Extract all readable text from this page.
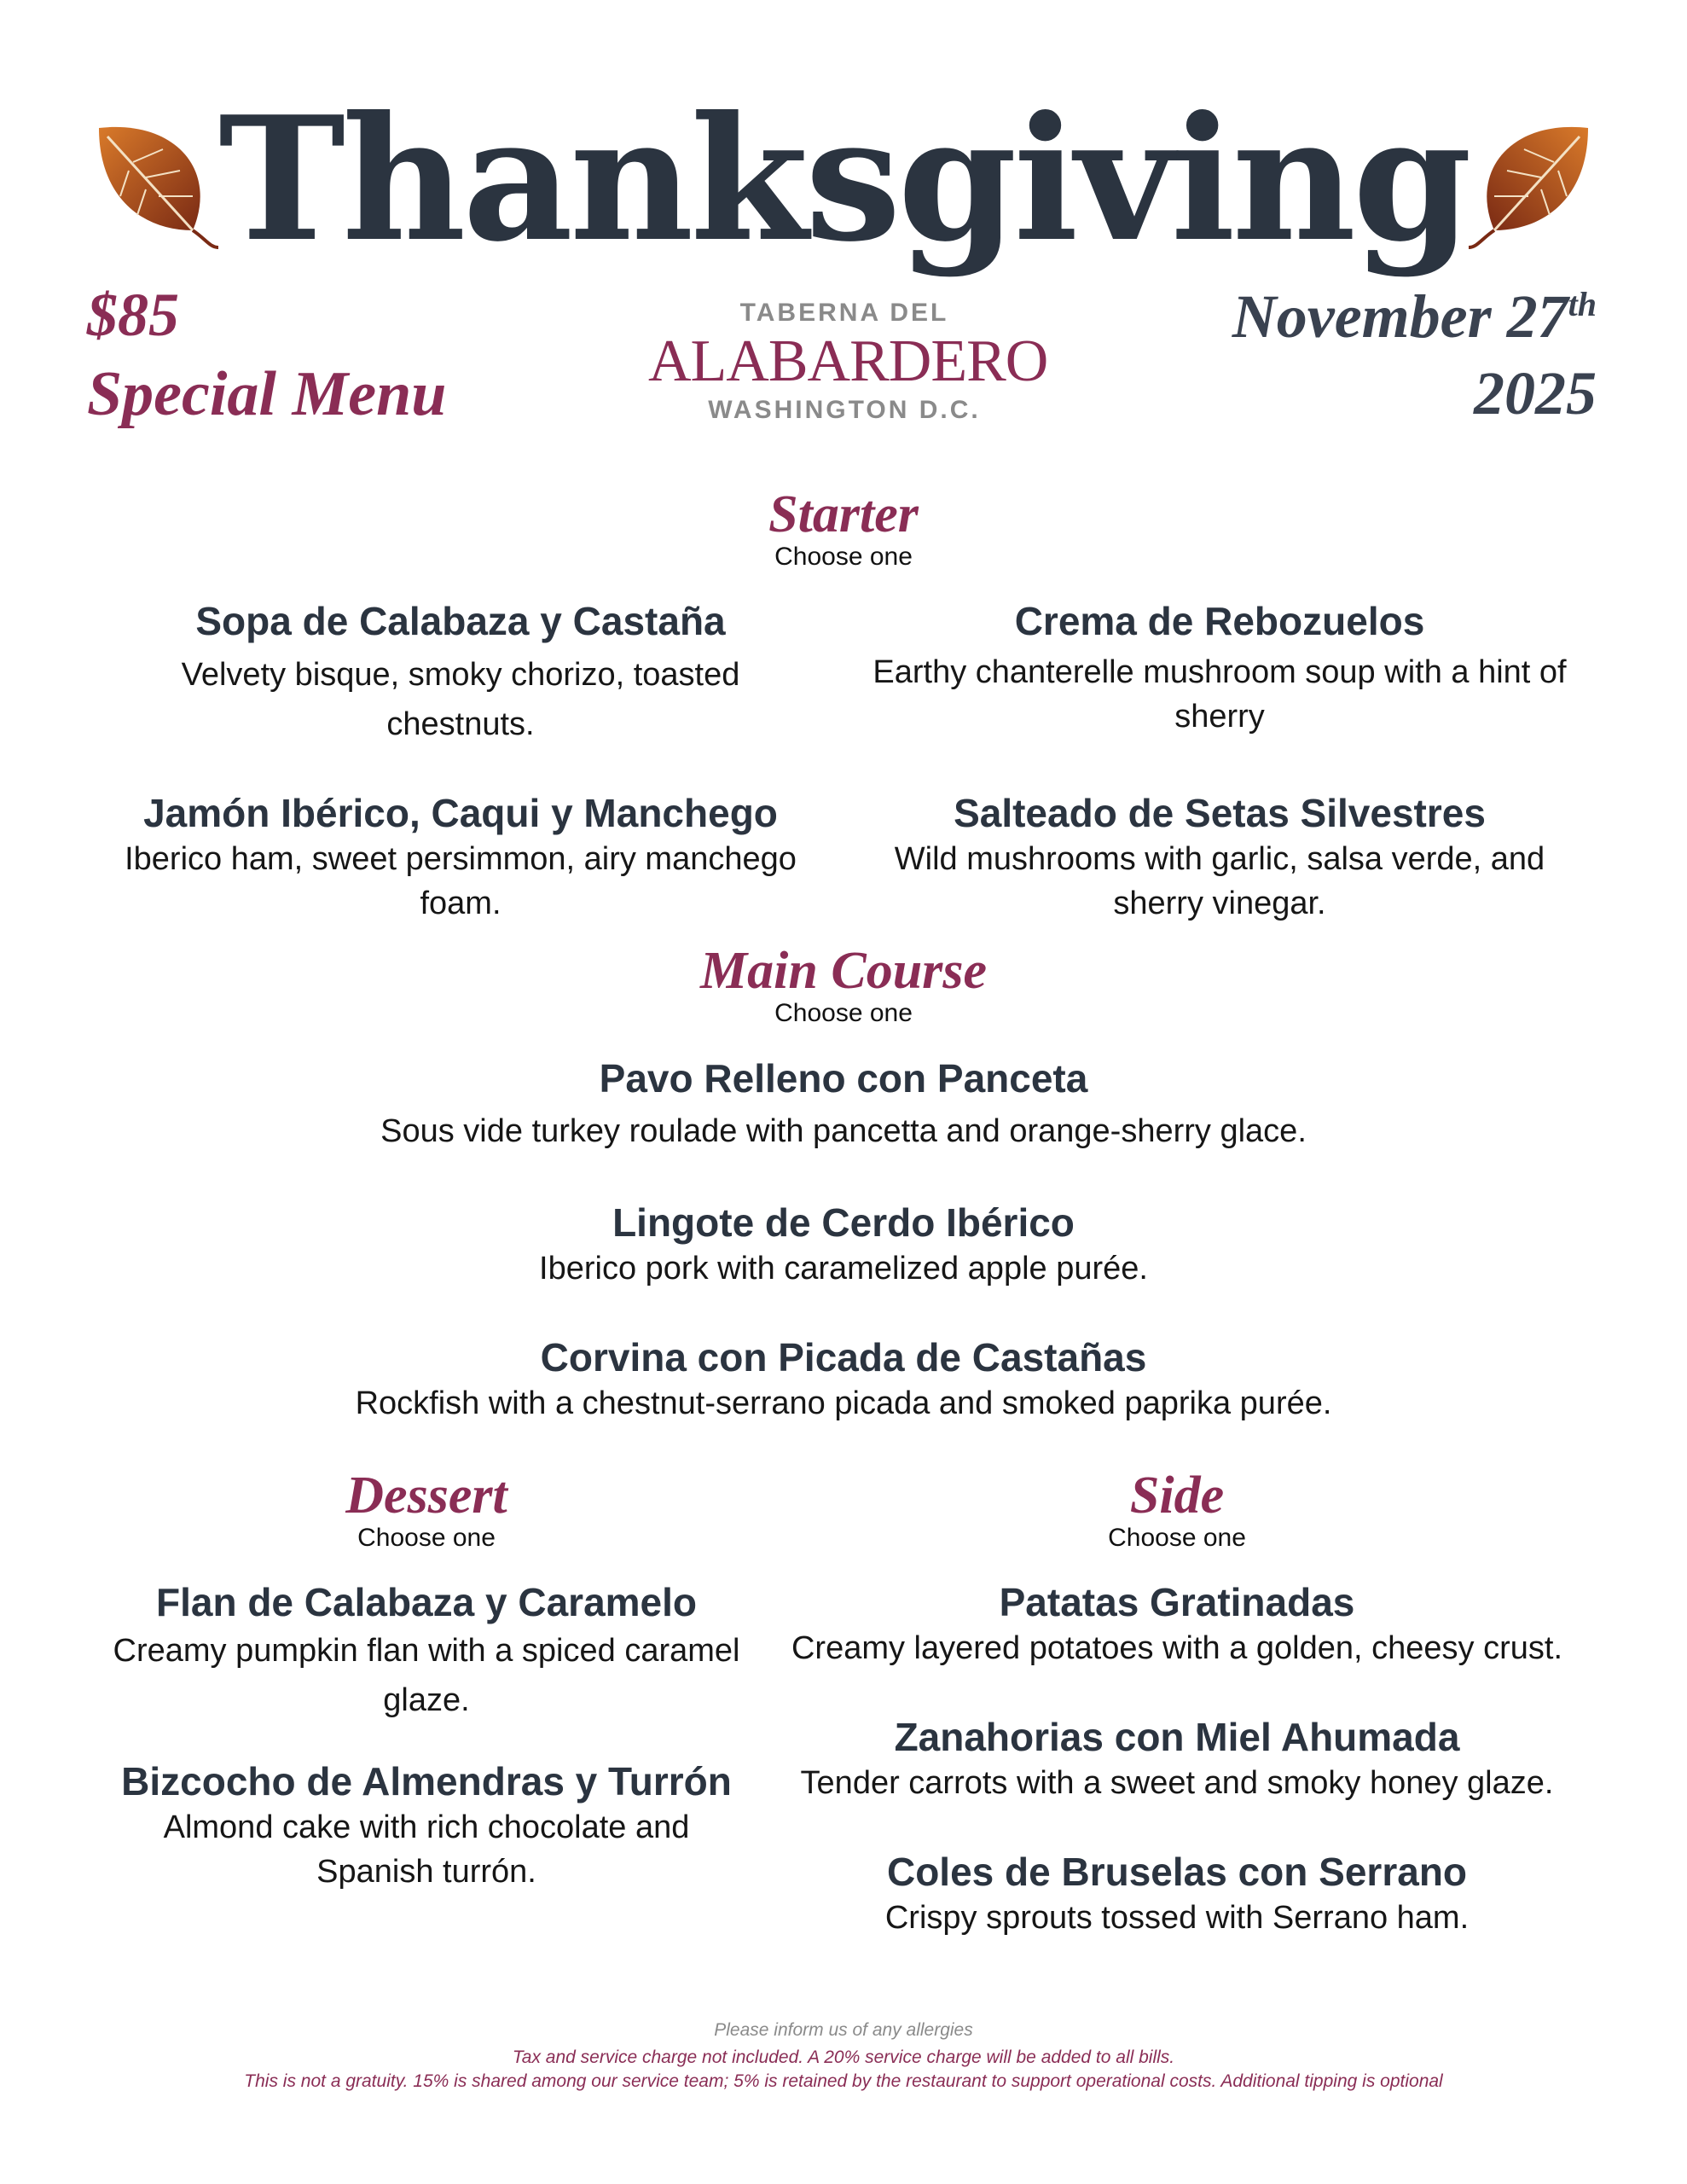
Thanksgiving
$85
Special Menu
TABERNA DEL
ALABARDERO
WASHINGTON D.C.
November 27th
2025
Starter
Choose one
Sopa de Calabaza y Castaña
Velvety bisque, smoky chorizo, toasted chestnuts.
Crema de Rebozuelos
Earthy chanterelle mushroom soup with a hint of sherry
Jamón Ibérico, Caqui y Manchego
Iberico ham, sweet persimmon, airy manchego foam.
Salteado de Setas Silvestres
Wild mushrooms with garlic, salsa verde, and sherry vinegar.
Main Course
Choose one
Pavo Relleno con Panceta
Sous vide turkey roulade with pancetta and orange-sherry glace.
Lingote de Cerdo Ibérico
Iberico pork with caramelized apple purée.
Corvina con Picada de Castañas
Rockfish with a chestnut-serrano picada and smoked paprika purée.
Dessert
Choose one
Flan de Calabaza y Caramelo
Creamy pumpkin flan with a spiced caramel glaze.
Bizcocho de Almendras y Turrón
Almond cake with rich chocolate and Spanish turrón.
Side
Choose one
Patatas Gratinadas
Creamy layered potatoes with a golden, cheesy crust.
Zanahorias con Miel Ahumada
Tender carrots with a sweet and smoky honey glaze.
Coles de Bruselas con Serrano
Crispy sprouts tossed with Serrano ham.
Please inform us of any allergies
Tax and service charge not included. A 20% service charge will be added to all bills.
This is not a gratuity. 15% is shared among our service team; 5% is retained by the restaurant to support operational costs. Additional tipping is optional
